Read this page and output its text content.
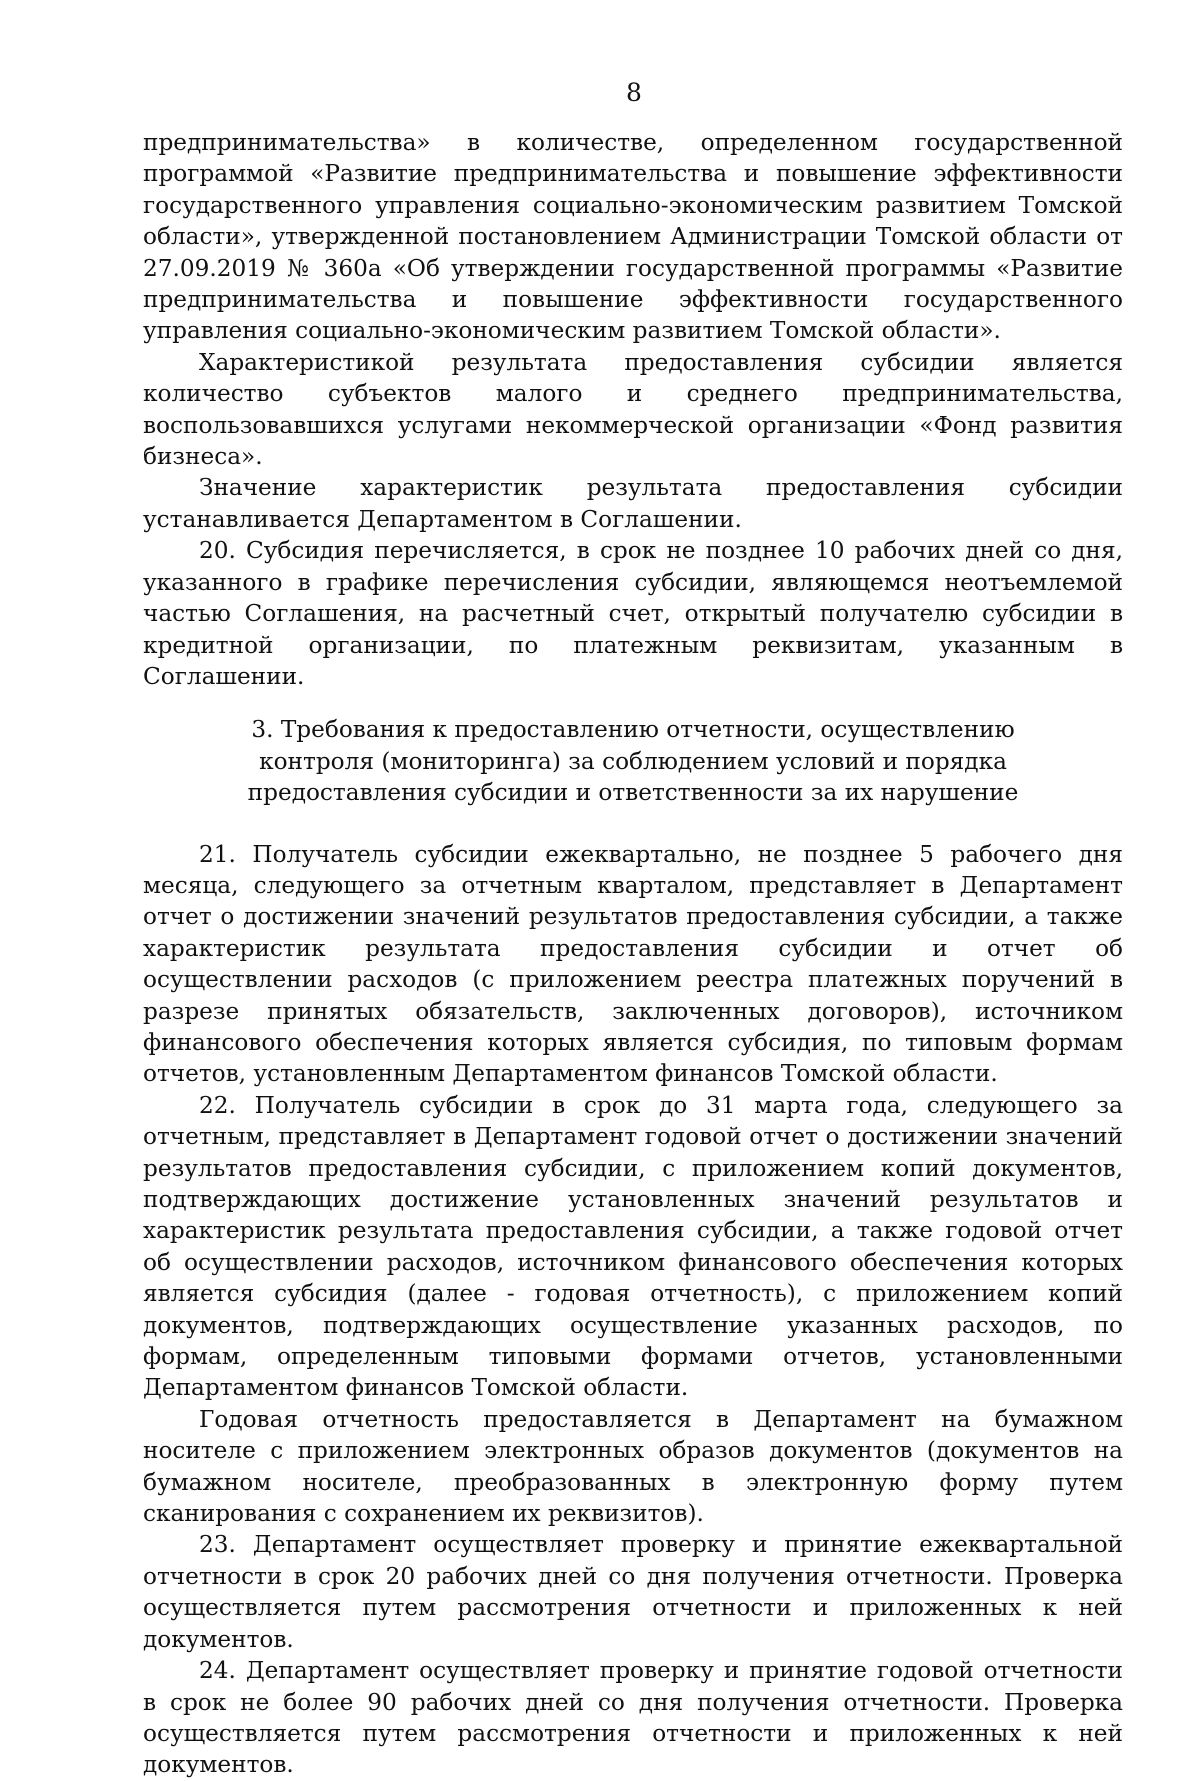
8

предпринимательства» в количестве, определенном государственной программой «Развитие предпринимательства и повышение эффективности государственного управления социально-экономическим развитием Томской области», утвержденной постановлением Администрации Томской области от 27.09.2019 № 360а «Об утверждении государственной программы «Развитие предпринимательства и повышение эффективности государственного управления социально-экономическим развитием Томской области».

Характеристикой результата предоставления субсидии является количество субъектов малого и среднего предпринимательства, воспользовавшихся услугами некоммерческой организации «Фонд развития бизнеса».

Значение характеристик результата предоставления субсидии устанавливается Департаментом в Соглашении.

20. Субсидия перечисляется, в срок не позднее 10 рабочих дней со дня, указанного в графике перечисления субсидии, являющемся неотъемлемой частью Соглашения, на расчетный счет, открытый получателю субсидии в кредитной организации, по платежным реквизитам, указанным в Соглашении.

3. Требования к предоставлению отчетности, осуществлению
контроля (мониторинга) за соблюдением условий и порядка
предоставления субсидии и ответственности за их нарушение

21. Получатель субсидии ежеквартально, не позднее 5 рабочего дня месяца, следующего за отчетным кварталом, представляет в Департамент отчет о достижении значений результатов предоставления субсидии, а также характеристик результата предоставления субсидии и отчет об осуществлении расходов (с приложением реестра платежных поручений в разрезе принятых обязательств, заключенных договоров), источником финансового обеспечения которых является субсидия, по типовым формам отчетов, установленным Департаментом финансов Томской области.

22. Получатель субсидии в срок до 31 марта года, следующего за отчетным, представляет в Департамент годовой отчет о достижении значений результатов предоставления субсидии, с приложением копий документов, подтверждающих достижение установленных значений результатов и характеристик результата предоставления субсидии, а также годовой отчет об осуществлении расходов, источником финансового обеспечения которых является субсидия (далее - годовая отчетность), с приложением копий документов, подтверждающих осуществление указанных расходов, по формам, определенным типовыми формами отчетов, установленными Департаментом финансов Томской области.

Годовая отчетность предоставляется в Департамент на бумажном носителе с приложением электронных образов документов (документов на бумажном носителе, преобразованных в электронную форму путем сканирования с сохранением их реквизитов).

23. Департамент осуществляет проверку и принятие ежеквартальной отчетности в срок 20 рабочих дней со дня получения отчетности. Проверка осуществляется путем рассмотрения отчетности и приложенных к ней документов.

24. Департамент осуществляет проверку и принятие годовой отчетности в срок не более 90 рабочих дней со дня получения отчетности. Проверка осуществляется путем рассмотрения отчетности и приложенных к ней документов.
